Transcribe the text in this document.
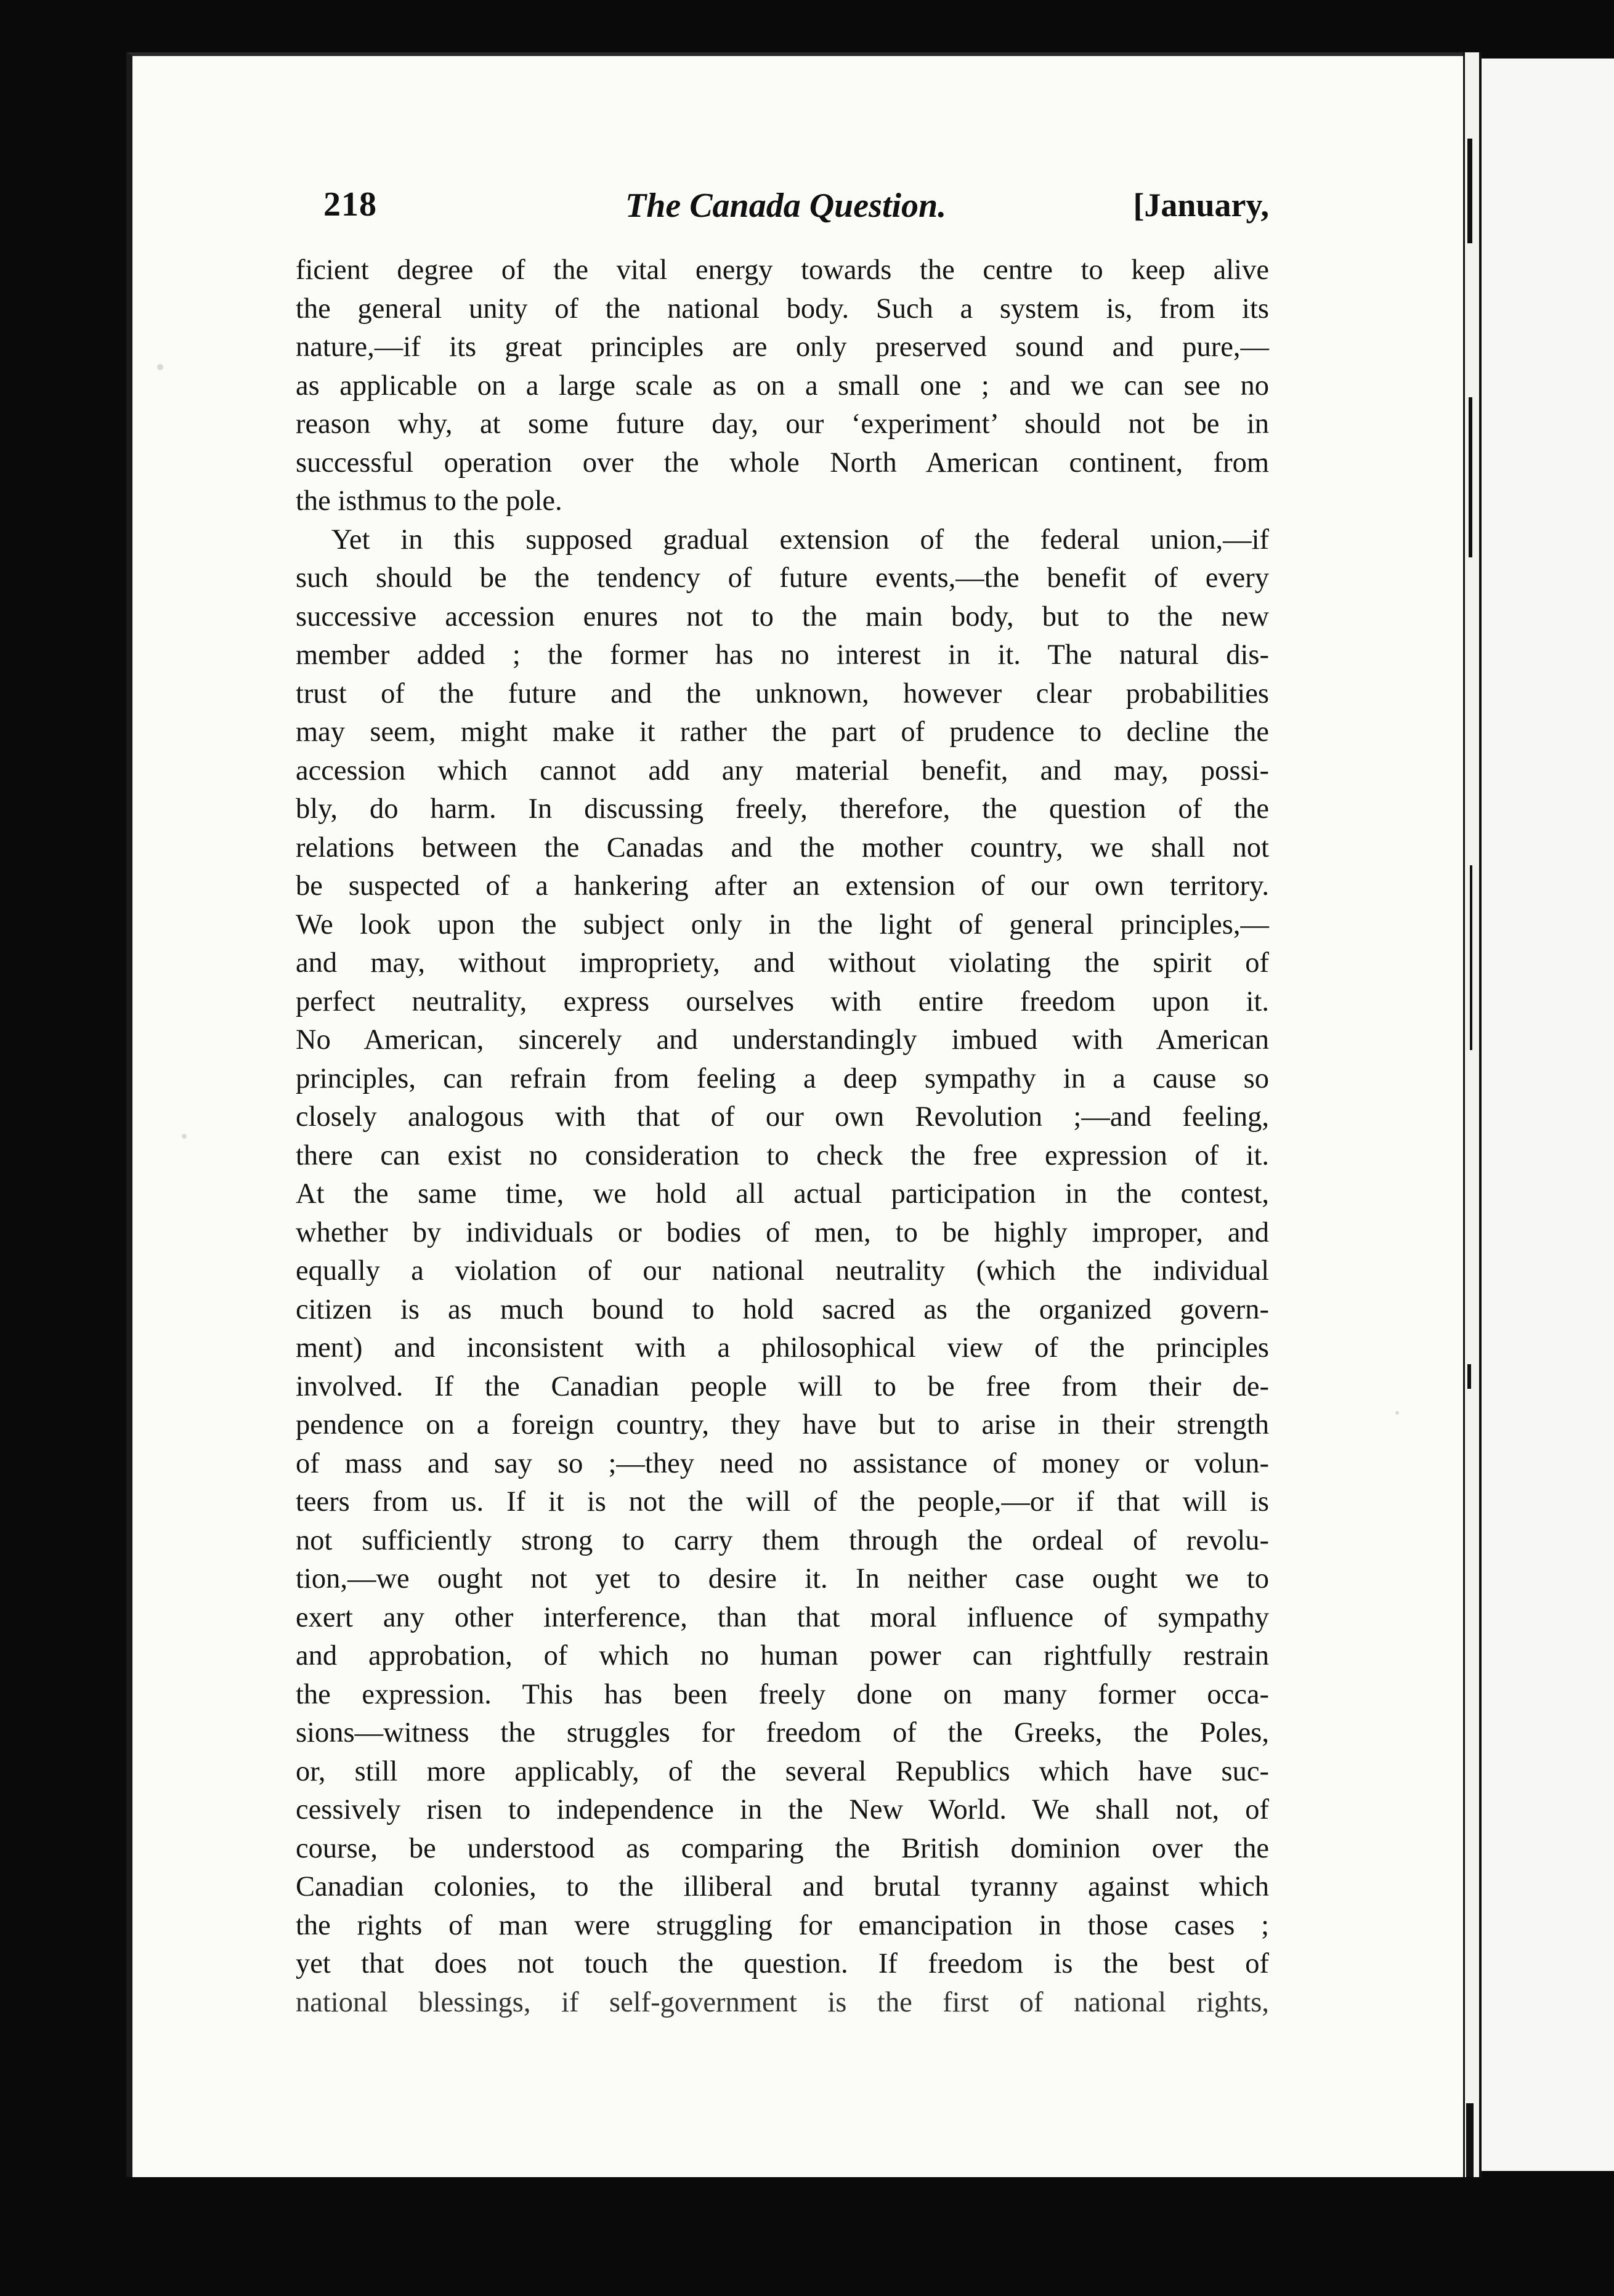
218	The Canada Question.	[January,
ficient degree of the vital energy towards the centre to keep alive
the general unity of the national body. Such a system is, from its
nature,—if its great principles are only preserved sound and pure,—
as applicable on a large scale as on a small one ; and we can see no
reason why, at some future day, our ‘experiment’ should not be in
successful operation over the whole North American continent, from
the isthmus to the pole.
Yet in this supposed gradual extension of the federal union,—if
such should be the tendency of future events,—the benefit of every
successive accession enures not to the main body, but to the new
member added ; the former has no interest in it. The natural dis-
trust of the future and the unknown, however clear probabilities
may seem, might make it rather the part of prudence to decline the
accession which cannot add any material benefit, and may, possi-
bly, do harm. In discussing freely, therefore, the question of the
relations between the Canadas and the mother country, we shall not
be suspected of a hankering after an extension of our own territory.
We look upon the subject only in the light of general principles,—
and may, without impropriety, and without violating the spirit of
perfect neutrality, express ourselves with entire freedom upon it.
No American, sincerely and understandingly imbued with American
principles, can refrain from feeling a deep sympathy in a cause so
closely analogous with that of our own Revolution ;—and feeling,
there can exist no consideration to check the free expression of it.
At the same time, we hold all actual participation in the contest,
whether by individuals or bodies of men, to be highly improper, and
equally a violation of our national neutrality (which the individual
citizen is as much bound to hold sacred as the organized govern-
ment) and inconsistent with a philosophical view of the principles
involved. If the Canadian people will to be free from their de-
pendence on a foreign country, they have but to arise in their strength
of mass and say so ;—they need no assistance of money or volun-
teers from us. If it is not the will of the people,—or if that will is
not sufficiently strong to carry them through the ordeal of revolu-
tion,—we ought not yet to desire it. In neither case ought we to
exert any other interference, than that moral influence of sympathy
and approbation, of which no human power can rightfully restrain
the expression. This has been freely done on many former occa-
sions—witness the struggles for freedom of the Greeks, the Poles,
or, still more applicably, of the several Republics which have suc-
cessively risen to independence in the New World. We shall not, of
course, be understood as comparing the British dominion over the
Canadian colonies, to the illiberal and brutal tyranny against which
the rights of man were struggling for emancipation in those cases ;
yet that does not touch the question. If freedom is the best of
national blessings, if self-government is the first of national rights,
